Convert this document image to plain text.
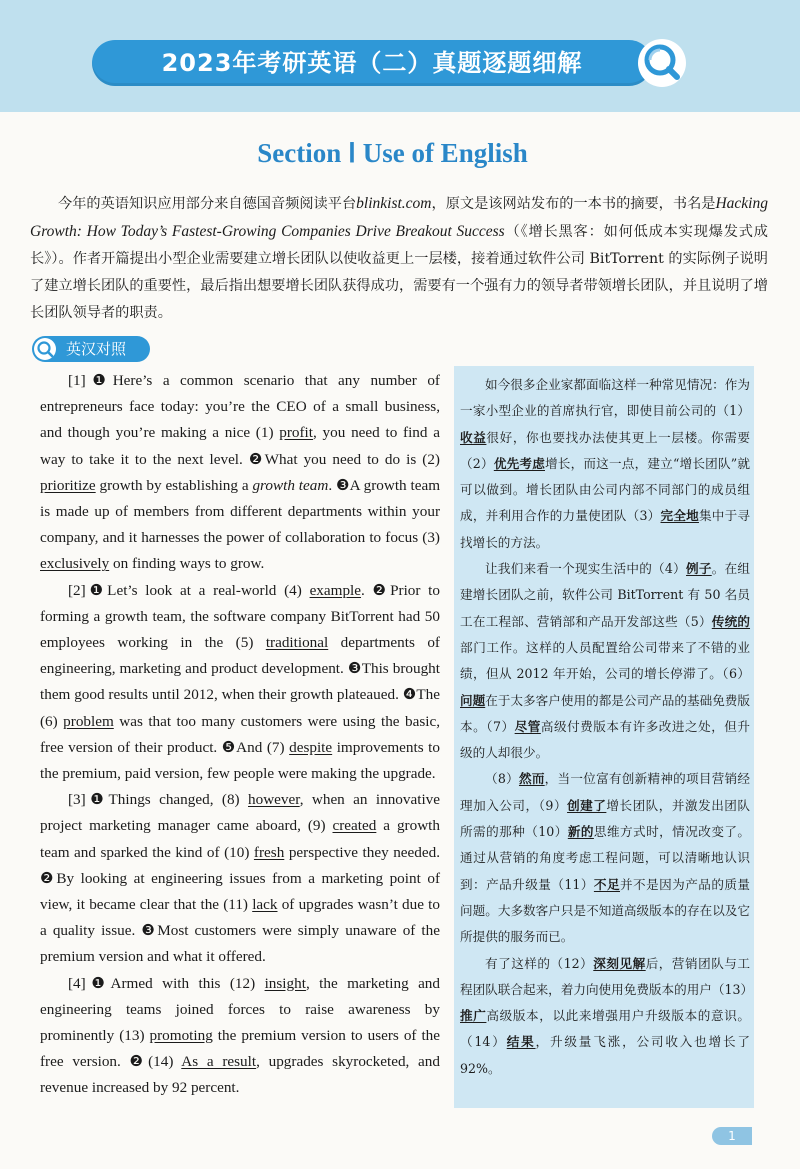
2023年考研英语（二）真题逐题细解
Section Ⅰ Use of English

今年的英语知识应用部分来自德国音频阅读平台blinkist.com，原文是该网站发布的一本书的摘要，书名是Hacking Growth: How Today’s Fastest-Growing Companies Drive Breakout Success（《增长黑客：如何低成本实现爆发式成长》）。作者开篇提出小型企业需要建立增长团队以使收益更上一层楼，接着通过软件公司 BitTorrent 的实际例子说明了建立增长团队的重要性，最后指出想要增长团队获得成功，需要有一个强有力的领导者带领增长团队，并且说明了增长团队领导者的职责。

英汉对照

[1]❶Here’s a common scenario that any number of entrepreneurs face today: you’re the CEO of a small business, and though you’re making a nice (1) profit, you need to find a way to take it to the next level. ❷What you need to do is (2) prioritize growth by establishing a growth team. ❸A growth team is made up of members from different departments within your company, and it harnesses the power of collaboration to focus (3) exclusively on finding ways to grow.

[2]❶Let’s look at a real-world (4) example. ❷Prior to forming a growth team, the software company BitTorrent had 50 employees working in the (5) traditional departments of engineering, marketing and product development. ❸This brought them good results until 2012, when their growth plateaued. ❹The (6) problem was that too many customers were using the basic, free version of their product. ❺And (7) despite improvements to the premium, paid version, few people were making the upgrade.

[3]❶Things changed, (8) however, when an innovative project marketing manager came aboard, (9) created a growth team and sparked the kind of (10) fresh perspective they needed. ❷By looking at engineering issues from a marketing point of view, it became clear that the (11) lack of upgrades wasn’t due to a quality issue. ❸Most customers were simply unaware of the premium version and what it offered.

[4]❶Armed with this (12) insight, the marketing and engineering teams joined forces to raise awareness by prominently (13) promoting the premium version to users of the free version. ❷(14) As a result, upgrades skyrocketed, and revenue increased by 92 percent.

如今很多企业家都面临这样一种常见情况：作为一家小型企业的首席执行官，即使目前公司的（1）收益很好，你也要找办法使其更上一层楼。你需要（2）优先考虑增长，而这一点，建立“增长团队”就可以做到。增长团队由公司内部不同部门的成员组成，并利用合作的力量使团队（3）完全地集中于寻找增长的方法。

让我们来看一个现实生活中的（4）例子。在组建增长团队之前，软件公司 BitTorrent 有 50 名员工在工程部、营销部和产品开发部这些（5）传统的部门工作。这样的人员配置给公司带来了不错的业绩，但从 2012 年开始，公司的增长停滞了。（6）问题在于太多客户使用的都是公司产品的基础免费版本。（7）尽管高级付费版本有许多改进之处，但升级的人却很少。

（8）然而，当一位富有创新精神的项目营销经理加入公司，（9）创建了增长团队，并激发出团队所需的那种（10）新的思维方式时，情况改变了。通过从营销的角度考虑工程问题，可以清晰地认识到：产品升级量（11）不足并不是因为产品的质量问题。大多数客户只是不知道高级版本的存在以及它所提供的服务而已。

有了这样的（12）深刻见解后，营销团队与工程团队联合起来，着力向使用免费版本的用户（13）推广高级版本，以此来增强用户升级版本的意识。（14）结果，升级量飞涨，公司收入也增长了 92%。

1
